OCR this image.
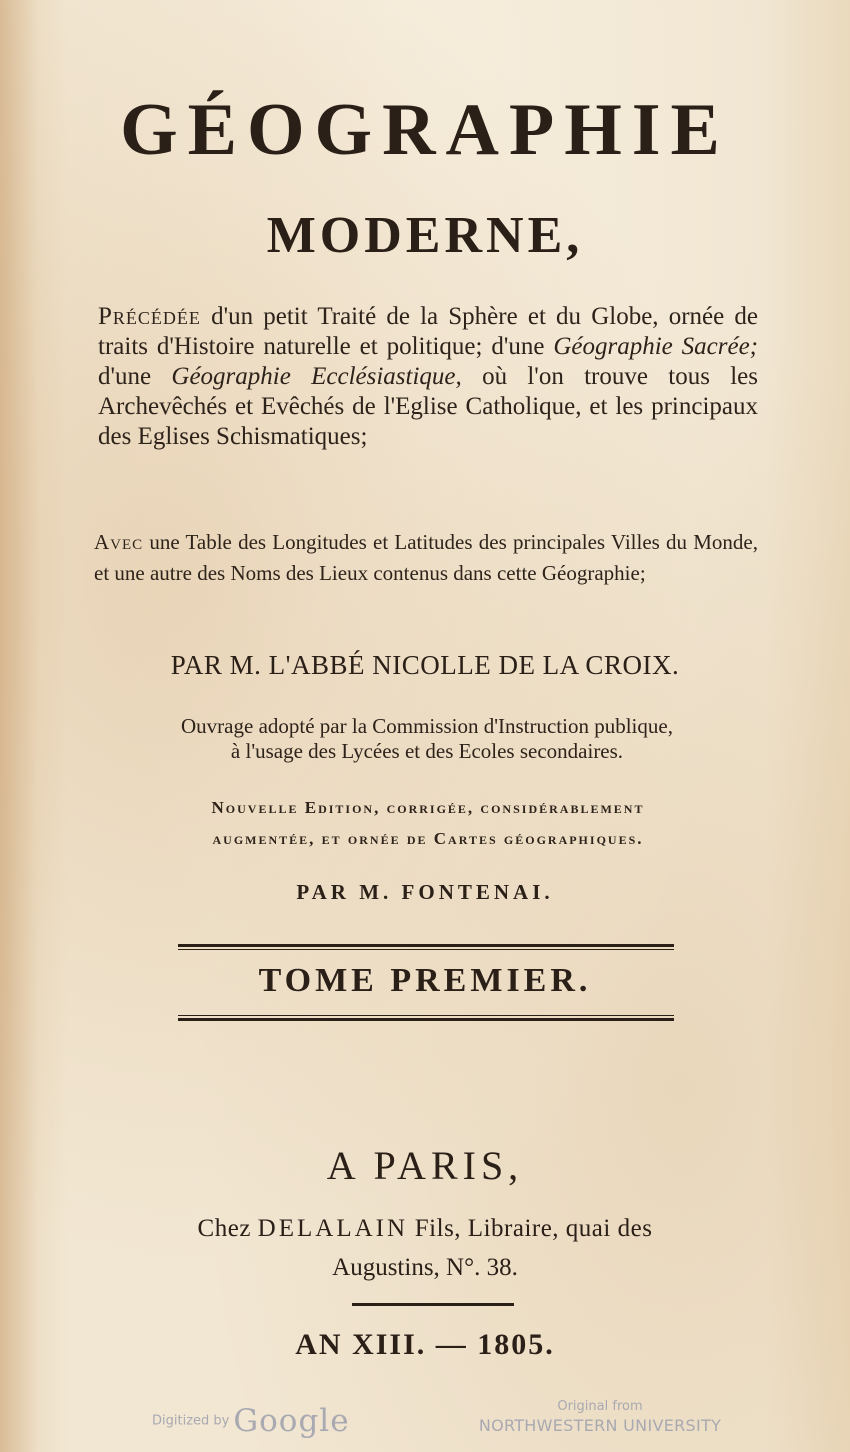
GÉOGRAPHIE
MODERNE,
Précédée d'un petit Traité de la Sphère et du Globe, ornée de traits d'Histoire naturelle et politique; d'une Géographie Sacrée; d'une Géographie Ecclésiastique, où l'on trouve tous les Archevêchés et Evêchés de l'Eglise Catholique, et les principaux des Eglises Schismatiques;
Avec une Table des Longitudes et Latitudes des principales Villes du Monde, et une autre des Noms des Lieux contenus dans cette Géographie;
PAR M. L'ABBÉ NICOLLE DE LA CROIX.
Ouvrage adopté par la Commission d'Instruction publique,
à l'usage des Lycées et des Ecoles secondaires.
Nouvelle Edition, corrigée, considérablement
augmentée, et ornée de Cartes géographiques.
PAR M. FONTENAI.
TOME PREMIER.
A PARIS,
Chez DELALAIN Fils, Libraire, quai des
Augustins, N°. 38.
AN XIII. — 1805.
Digitized by Google	Original from
NORTHWESTERN UNIVERSITY
